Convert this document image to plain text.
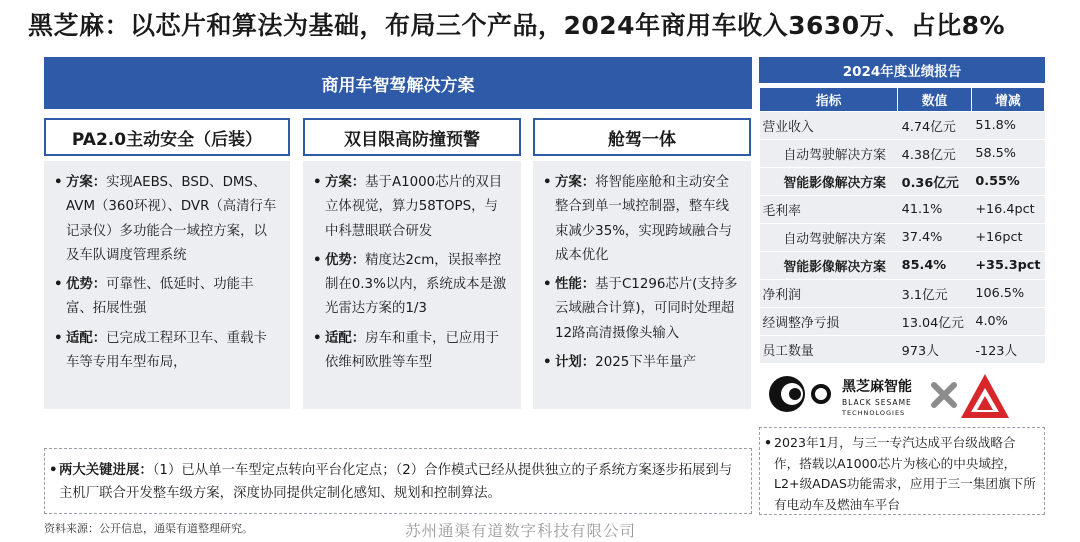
黑芝麻：以芯片和算法为基础，布局三个产品，2024年商用车收入3630万、占比8%
商用车智驾解决方案
PA2.0主动安全（后装）
• 方案：实现AEBS、BSD、DMS、AVM（360环视）、DVR（高清行车记录仪）多功能合一域控方案，以及车队调度管理系统
• 优势：可靠性、低延时、功能丰富、拓展性强
• 适配：已完成工程环卫车、重载卡车等专用车型布局，
双目限高防撞预警
• 方案：基于A1000芯片的双目立体视觉，算力58TOPS，与中科慧眼联合研发
• 优势：精度达2cm，误报率控制在0.3%以内，系统成本是激光雷达方案的1/3
• 适配：房车和重卡，已应用于依维柯欧胜等车型
舱驾一体
• 方案：将智能座舱和主动安全整合到单一域控制器，整车线束减少35%，实现跨域融合与成本优化
• 性能：基于C1296芯片(支持多云域融合计算)，可同时处理超12路高清摄像头输入
• 计划：2025下半年量产
• 两大关键进展：（1）已从单一车型定点转向平台化定点；（2）合作模式已经从提供独立的子系统方案逐步拓展到与主机厂联合开发整车级方案，深度协同提供定制化感知、规划和控制算法。
资料来源：公开信息，通渠有道整理研究。	苏州通渠有道数字科技有限公司
2024年度业绩报告
指标	数值	增减
营业收入	4.74亿元	51.8%
自动驾驶解决方案	4.38亿元	58.5%
智能影像解决方案	0.36亿元	0.55%
毛利率	41.1%	+16.4pct
自动驾驶解决方案	37.4%	+16pct
智能影像解决方案	85.4%	+35.3pct
净利润	3.1亿元	106.5%
经调整净亏损	13.04亿元	4.0%
员工数量	973人	-123人
黑芝麻智能
BLACK SESAME
TECHNOLOGIES
• 2023年1月，与三一专汽达成平台级战略合作，搭载以A1000芯片为核心的中央域控，L2+级ADAS功能需求，应用于三一集团旗下所有电动车及燃油车平台
